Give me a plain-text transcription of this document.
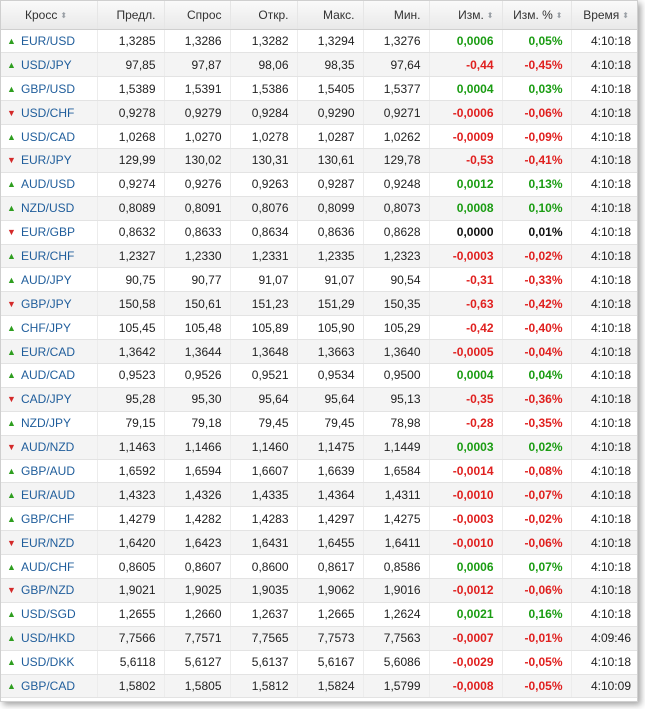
Кросс ⬍	Предл.	Спрос	Откр.	Макс.	Мин.	Изм. ⬍	Изм. % ⬍	Время ⬍
▲ EUR/USD	1,3285	1,3286	1,3282	1,3294	1,3276	0,0006	0,05%	4:10:18
▲ USD/JPY	97,85	97,87	98,06	98,35	97,64	-0,44	-0,45%	4:10:18
▲ GBP/USD	1,5389	1,5391	1,5386	1,5405	1,5377	0,0004	0,03%	4:10:18
▼ USD/CHF	0,9278	0,9279	0,9284	0,9290	0,9271	-0,0006	-0,06%	4:10:18
▲ USD/CAD	1,0268	1,0270	1,0278	1,0287	1,0262	-0,0009	-0,09%	4:10:18
▼ EUR/JPY	129,99	130,02	130,31	130,61	129,78	-0,53	-0,41%	4:10:18
▲ AUD/USD	0,9274	0,9276	0,9263	0,9287	0,9248	0,0012	0,13%	4:10:18
▲ NZD/USD	0,8089	0,8091	0,8076	0,8099	0,8073	0,0008	0,10%	4:10:18
▼ EUR/GBP	0,8632	0,8633	0,8634	0,8636	0,8628	0,0000	0,01%	4:10:18
▲ EUR/CHF	1,2327	1,2330	1,2331	1,2335	1,2323	-0,0003	-0,02%	4:10:18
▲ AUD/JPY	90,75	90,77	91,07	91,07	90,54	-0,31	-0,33%	4:10:18
▼ GBP/JPY	150,58	150,61	151,23	151,29	150,35	-0,63	-0,42%	4:10:18
▲ CHF/JPY	105,45	105,48	105,89	105,90	105,29	-0,42	-0,40%	4:10:18
▲ EUR/CAD	1,3642	1,3644	1,3648	1,3663	1,3640	-0,0005	-0,04%	4:10:18
▲ AUD/CAD	0,9523	0,9526	0,9521	0,9534	0,9500	0,0004	0,04%	4:10:18
▼ CAD/JPY	95,28	95,30	95,64	95,64	95,13	-0,35	-0,36%	4:10:18
▲ NZD/JPY	79,15	79,18	79,45	79,45	78,98	-0,28	-0,35%	4:10:18
▼ AUD/NZD	1,1463	1,1466	1,1460	1,1475	1,1449	0,0003	0,02%	4:10:18
▲ GBP/AUD	1,6592	1,6594	1,6607	1,6639	1,6584	-0,0014	-0,08%	4:10:18
▲ EUR/AUD	1,4323	1,4326	1,4335	1,4364	1,4311	-0,0010	-0,07%	4:10:18
▲ GBP/CHF	1,4279	1,4282	1,4283	1,4297	1,4275	-0,0003	-0,02%	4:10:18
▼ EUR/NZD	1,6420	1,6423	1,6431	1,6455	1,6411	-0,0010	-0,06%	4:10:18
▲ AUD/CHF	0,8605	0,8607	0,8600	0,8617	0,8586	0,0006	0,07%	4:10:18
▼ GBP/NZD	1,9021	1,9025	1,9035	1,9062	1,9016	-0,0012	-0,06%	4:10:18
▲ USD/SGD	1,2655	1,2660	1,2637	1,2665	1,2624	0,0021	0,16%	4:10:18
▲ USD/HKD	7,7566	7,7571	7,7565	7,7573	7,7563	-0,0007	-0,01%	4:09:46
▲ USD/DKK	5,6118	5,6127	5,6137	5,6167	5,6086	-0,0029	-0,05%	4:10:18
▲ GBP/CAD	1,5802	1,5805	1,5812	1,5824	1,5799	-0,0008	-0,05%	4:10:09
